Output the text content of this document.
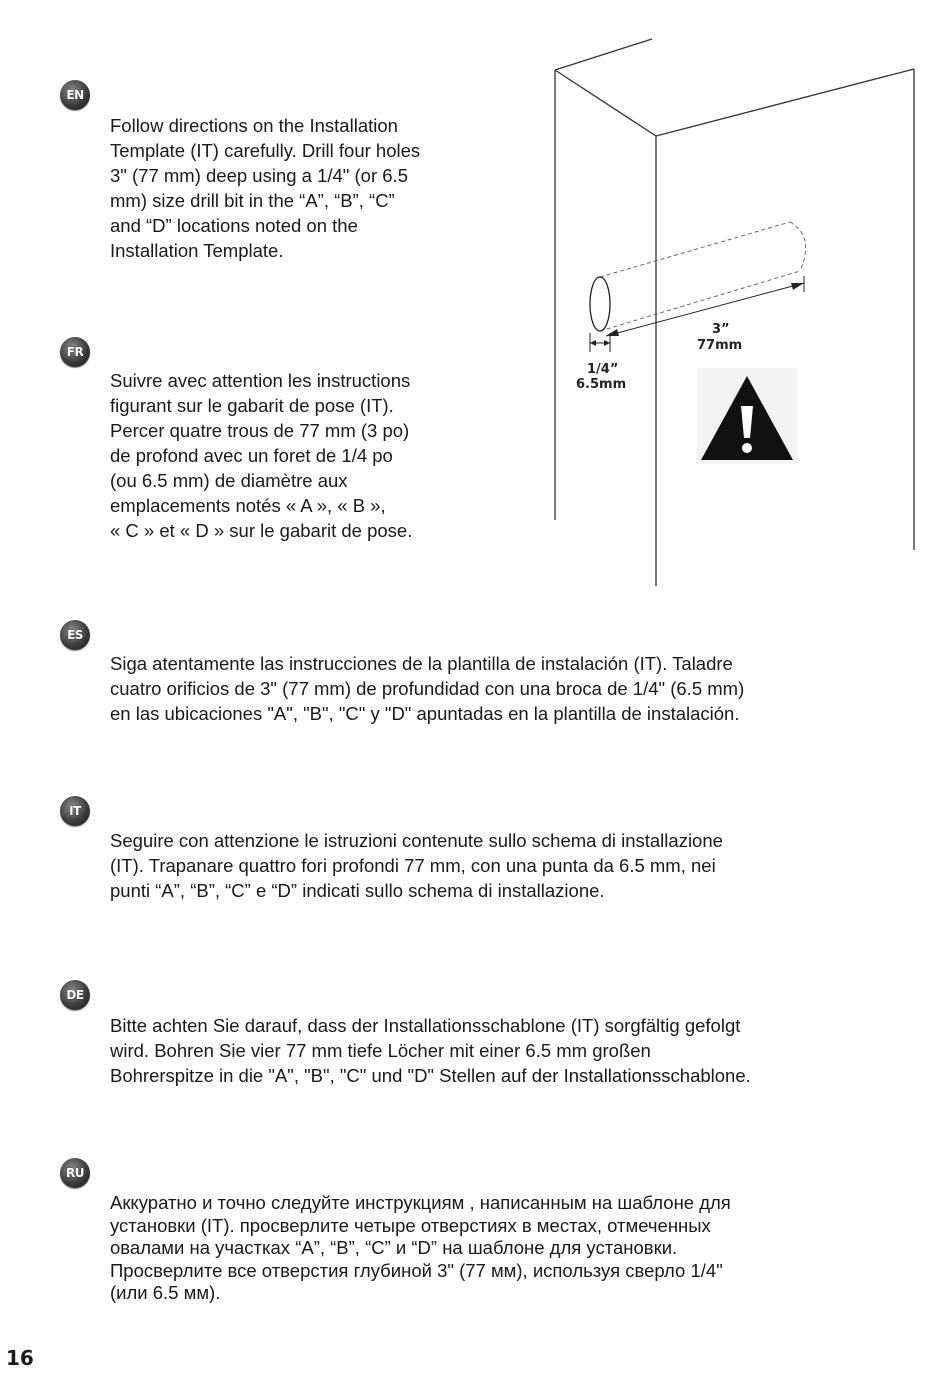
EN

Follow directions on the Installation
Template (IT) carefully. Drill four holes
3" (77 mm) deep using a 1/4" (or 6.5
mm) size drill bit in the “A”, “B”, “C”
and “D” locations noted on the
Installation Template.

FR

Suivre avec attention les instructions
figurant sur le gabarit de pose (IT).
Percer quatre trous de 77 mm (3 po)
de profond avec un foret de 1/4 po
(ou 6.5 mm) de diamètre aux
emplacements notés « A », « B »,
« C » et « D » sur le gabarit de pose.

ES

Siga atentamente las instrucciones de la plantilla de instalación (IT). Taladre
cuatro orificios de 3" (77 mm) de profundidad con una broca de 1/4" (6.5 mm)
en las ubicaciones "A", "B", "C" y "D" apuntadas en la plantilla de instalación.

IT

Seguire con attenzione le istruzioni contenute sullo schema di installazione
(IT). Trapanare quattro fori profondi 77 mm, con una punta da 6.5 mm, nei
punti “A”, “B”, “C” e “D” indicati sullo schema di installazione.

DE

Bitte achten Sie darauf, dass der Installationsschablone (IT) sorgfältig gefolgt
wird. Bohren Sie vier 77 mm tiefe Löcher mit einer 6.5 mm großen
Bohrerspitze in die "A", "B", "C" und "D" Stellen auf der Installationsschablone.

RU

Аккуратно и точно следуйте инструкциям , написанным на шаблоне для
установки (IT). просверлите четыре отверстиях в местах, отмеченных
овалами на участках “A”, “B”, “C” и “D” на шаблоне для установки.
Просверлите все отверстия глубиной 3" (77 мм), используя сверло 1/4"
(или 6.5 мм).

3”
77mm
1/4”
6.5mm
16
